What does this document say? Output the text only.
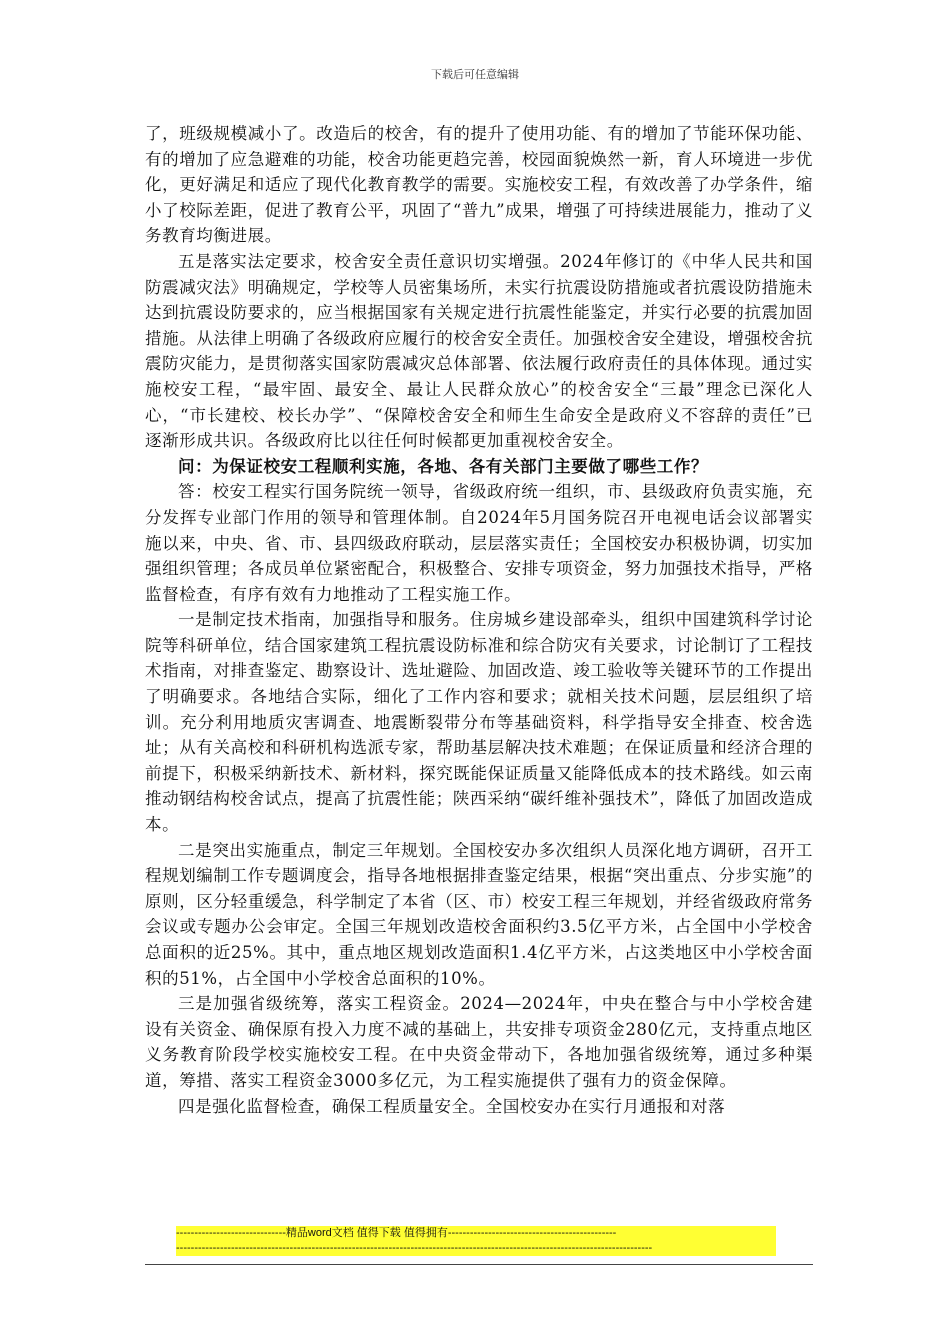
下载后可任意编辑

了，班级规模减小了。改造后的校舍，有的提升了使用功能、有的增加了节能环保功能、有的增加了应急避难的功能，校舍功能更趋完善，校园面貌焕然一新，育人环境进一步优化，更好满足和适应了现代化教育教学的需要。实施校安工程，有效改善了办学条件，缩小了校际差距，促进了教育公平，巩固了“普九”成果，增强了可持续进展能力，推动了义务教育均衡进展。

五是落实法定要求，校舍安全责任意识切实增强。2024年修订的《中华人民共和国防震减灾法》明确规定，学校等人员密集场所，未实行抗震设防措施或者抗震设防措施未达到抗震设防要求的，应当根据国家有关规定进行抗震性能鉴定，并实行必要的抗震加固措施。从法律上明确了各级政府应履行的校舍安全责任。加强校舍安全建设，增强校舍抗震防灾能力，是贯彻落实国家防震减灾总体部署、依法履行政府责任的具体体现。通过实施校安工程，“最牢固、最安全、最让人民群众放心”的校舍安全“三最”理念已深化人心，“市长建校、校长办学”、“保障校舍安全和师生生命安全是政府义不容辞的责任”已逐渐形成共识。各级政府比以往任何时候都更加重视校舍安全。

问：为保证校安工程顺利实施，各地、各有关部门主要做了哪些工作？

答：校安工程实行国务院统一领导，省级政府统一组织，市、县级政府负责实施，充分发挥专业部门作用的领导和管理体制。自2024年5月国务院召开电视电话会议部署实施以来，中央、省、市、县四级政府联动，层层落实责任；全国校安办积极协调，切实加强组织管理；各成员单位紧密配合，积极整合、安排专项资金，努力加强技术指导，严格监督检查，有序有效有力地推动了工程实施工作。

一是制定技术指南，加强指导和服务。住房城乡建设部牵头，组织中国建筑科学讨论院等科研单位，结合国家建筑工程抗震设防标准和综合防灾有关要求，讨论制订了工程技术指南，对排查鉴定、勘察设计、选址避险、加固改造、竣工验收等关键环节的工作提出了明确要求。各地结合实际，细化了工作内容和要求；就相关技术问题，层层组织了培训。充分利用地质灾害调查、地震断裂带分布等基础资料，科学指导安全排查、校舍选址；从有关高校和科研机构选派专家，帮助基层解决技术难题；在保证质量和经济合理的前提下，积极采纳新技术、新材料，探究既能保证质量又能降低成本的技术路线。如云南推动钢结构校舍试点，提高了抗震性能；陕西采纳“碳纤维补强技术”，降低了加固改造成本。

二是突出实施重点，制定三年规划。全国校安办多次组织人员深化地方调研，召开工程规划编制工作专题调度会，指导各地根据排查鉴定结果，根据“突出重点、分步实施”的原则，区分轻重缓急，科学制定了本省（区、市）校安工程三年规划，并经省级政府常务会议或专题办公会审定。全国三年规划改造校舍面积约3.5亿平方米，占全国中小学校舍总面积的近25%。其中，重点地区规划改造面积1.4亿平方米，占这类地区中小学校舍面积的51%，占全国中小学校舍总面积的10%。

三是加强省级统筹，落实工程资金。2024—2024年，中央在整合与中小学校舍建设有关资金、确保原有投入力度不减的基础上，共安排专项资金280亿元，支持重点地区义务教育阶段学校实施校安工程。在中央资金带动下，各地加强省级统筹，通过多种渠道，筹措、落实工程资金3000多亿元，为工程实施提供了强有力的资金保障。

四是强化监督检查，确保工程质量安全。全国校安办在实行月通报和对落

------------------------------精品word文档 值得下载 值得拥有----------------------------------------------
----------------------------------------------------------------------------------------------------------------------------------
